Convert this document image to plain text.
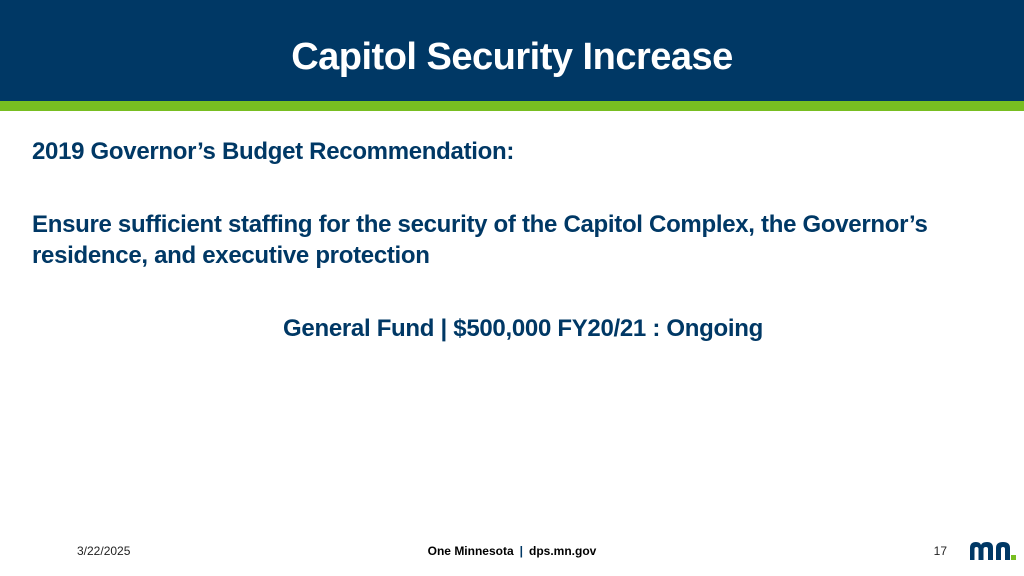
Capitol Security Increase
2019 Governor’s Budget Recommendation:
Ensure sufficient staffing for the security of the Capitol Complex, the Governor’s residence, and executive protection
General Fund | $500,000 FY20/21 : Ongoing
3/22/2025	One Minnesota | dps.mn.gov	17
